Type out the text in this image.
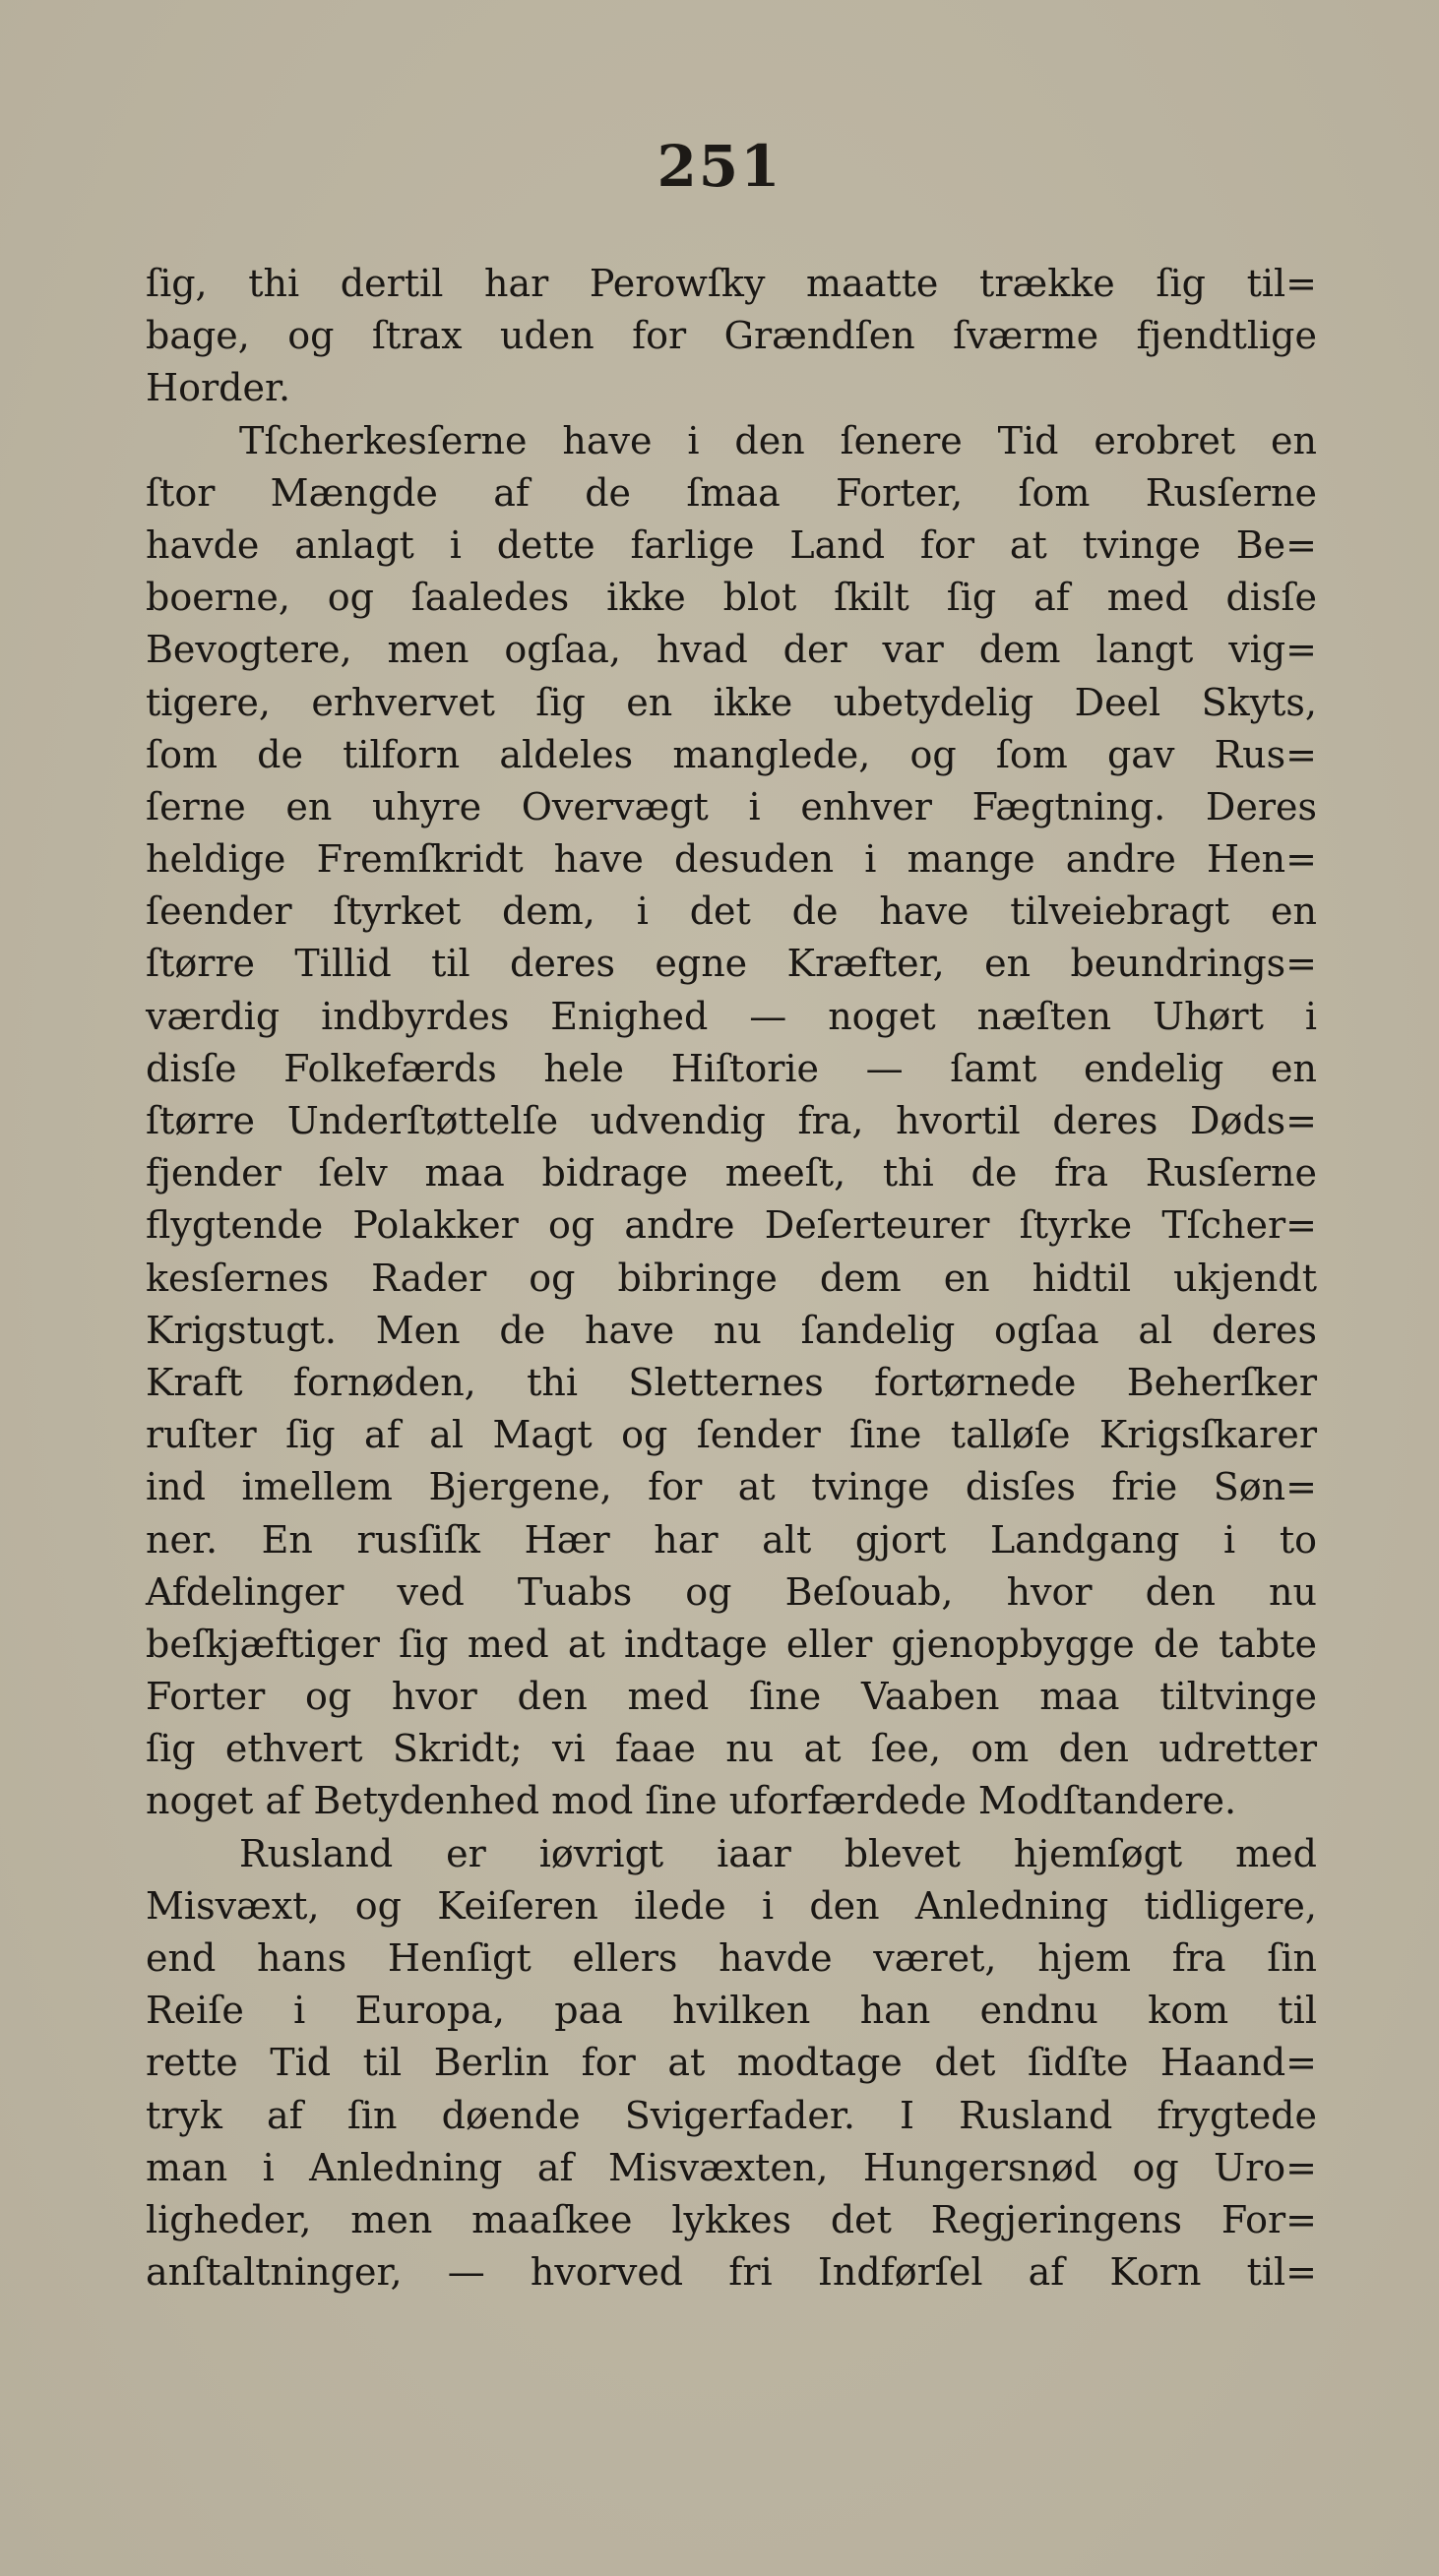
251
ſig, thi dertil har Perowſky maatte trække ſig til=
bage, og ſtrax uden for Grændſen ſværme fjendtlige
Horder.
Tſcherkesſerne have i den ſenere Tid erobret en
ſtor Mængde af de ſmaa Forter, ſom Rusſerne
havde anlagt i dette farlige Land for at tvinge Be=
boerne, og ſaaledes ikke blot ſkilt ſig af med disſe
Bevogtere, men ogſaa, hvad der var dem langt vig=
tigere, erhvervet ſig en ikke ubetydelig Deel Skyts,
ſom de tilforn aldeles manglede, og ſom gav Rus=
ſerne en uhyre Overvægt i enhver Fægtning. Deres
heldige Fremſkridt have desuden i mange andre Hen=
ſeender ſtyrket dem, i det de have tilveiebragt en
ſtørre Tillid til deres egne Kræfter, en beundrings=
værdig indbyrdes Enighed — noget næſten Uhørt i
disſe Folkefærds hele Hiſtorie — ſamt endelig en
ſtørre Underſtøttelſe udvendig fra, hvortil deres Døds=
fjender ſelv maa bidrage meeſt, thi de fra Rusſerne
flygtende Polakker og andre Deſerteurer ſtyrke Tſcher=
kesſernes Rader og bibringe dem en hidtil ukjendt
Krigstugt. Men de have nu ſandelig ogſaa al deres
Kraft fornøden, thi Sletternes fortørnede Beherſker
ruſter ſig af al Magt og ſender ſine talløſe Krigsſkarer
ind imellem Bjergene, for at tvinge disſes frie Søn=
ner. En rusſiſk Hær har alt gjort Landgang i to
Afdelinger ved Tuabs og Beſouab, hvor den nu
beſkjæftiger ſig med at indtage eller gjenopbygge de tabte
Forter og hvor den med ſine Vaaben maa tiltvinge
ſig ethvert Skridt; vi faae nu at ſee, om den udretter
noget af Betydenhed mod ſine uforfærdede Modſtandere.
Rusland er iøvrigt iaar blevet hjemſøgt med
Misvæxt, og Keiſeren ilede i den Anledning tidligere,
end hans Henſigt ellers havde været, hjem fra ſin
Reiſe i Europa, paa hvilken han endnu kom til
rette Tid til Berlin for at modtage det ſidſte Haand=
tryk af ſin døende Svigerfader. I Rusland frygtede
man i Anledning af Misvæxten, Hungersnød og Uro=
ligheder, men maaſkee lykkes det Regjeringens For=
anſtaltninger, — hvorved fri Indførſel af Korn til=
